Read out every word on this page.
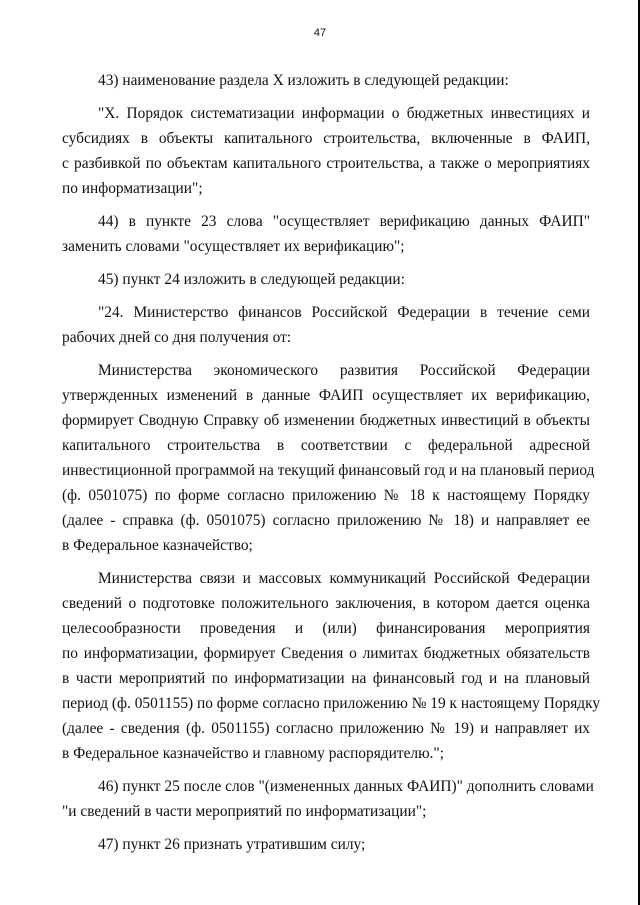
47

43) наименование раздела X изложить в следующей редакции:

"X. Порядок систематизации информации о бюджетных инвестициях и
субсидиях в объекты капитального строительства, включенные в ФАИП,
с разбивкой по объектам капитального строительства, а также о мероприятиях
по информатизации";

44) в пункте 23 слова "осуществляет верификацию данных ФАИП"
заменить словами "осуществляет их верификацию";

45) пункт 24 изложить в следующей редакции:

"24. Министерство финансов Российской Федерации в течение семи
рабочих дней со дня получения от:

Министерства экономического развития Российской Федерации
утвержденных изменений в данные ФАИП осуществляет их верификацию,
формирует Сводную Справку об изменении бюджетных инвестиций в объекты
капитального строительства в соответствии с федеральной адресной
инвестиционной программой на текущий финансовый год и на плановый период
(ф. 0501075) по форме согласно приложению № 18 к настоящему Порядку
(далее - справка (ф. 0501075) согласно приложению № 18) и направляет ее
в Федеральное казначейство;

Министерства связи и массовых коммуникаций Российской Федерации
сведений о подготовке положительного заключения, в котором дается оценка
целесообразности проведения и (или) финансирования мероприятия
по информатизации, формирует Сведения о лимитах бюджетных обязательств
в части мероприятий по информатизации на финансовый год и на плановый
период (ф. 0501155) по форме согласно приложению № 19 к настоящему Порядку
(далее - сведения (ф. 0501155) согласно приложению № 19) и направляет их
в Федеральное казначейство и главному распорядителю.";

46) пункт 25 после слов "(измененных данных ФАИП)" дополнить словами
"и сведений в части мероприятий по информатизации";

47) пункт 26 признать утратившим силу;
